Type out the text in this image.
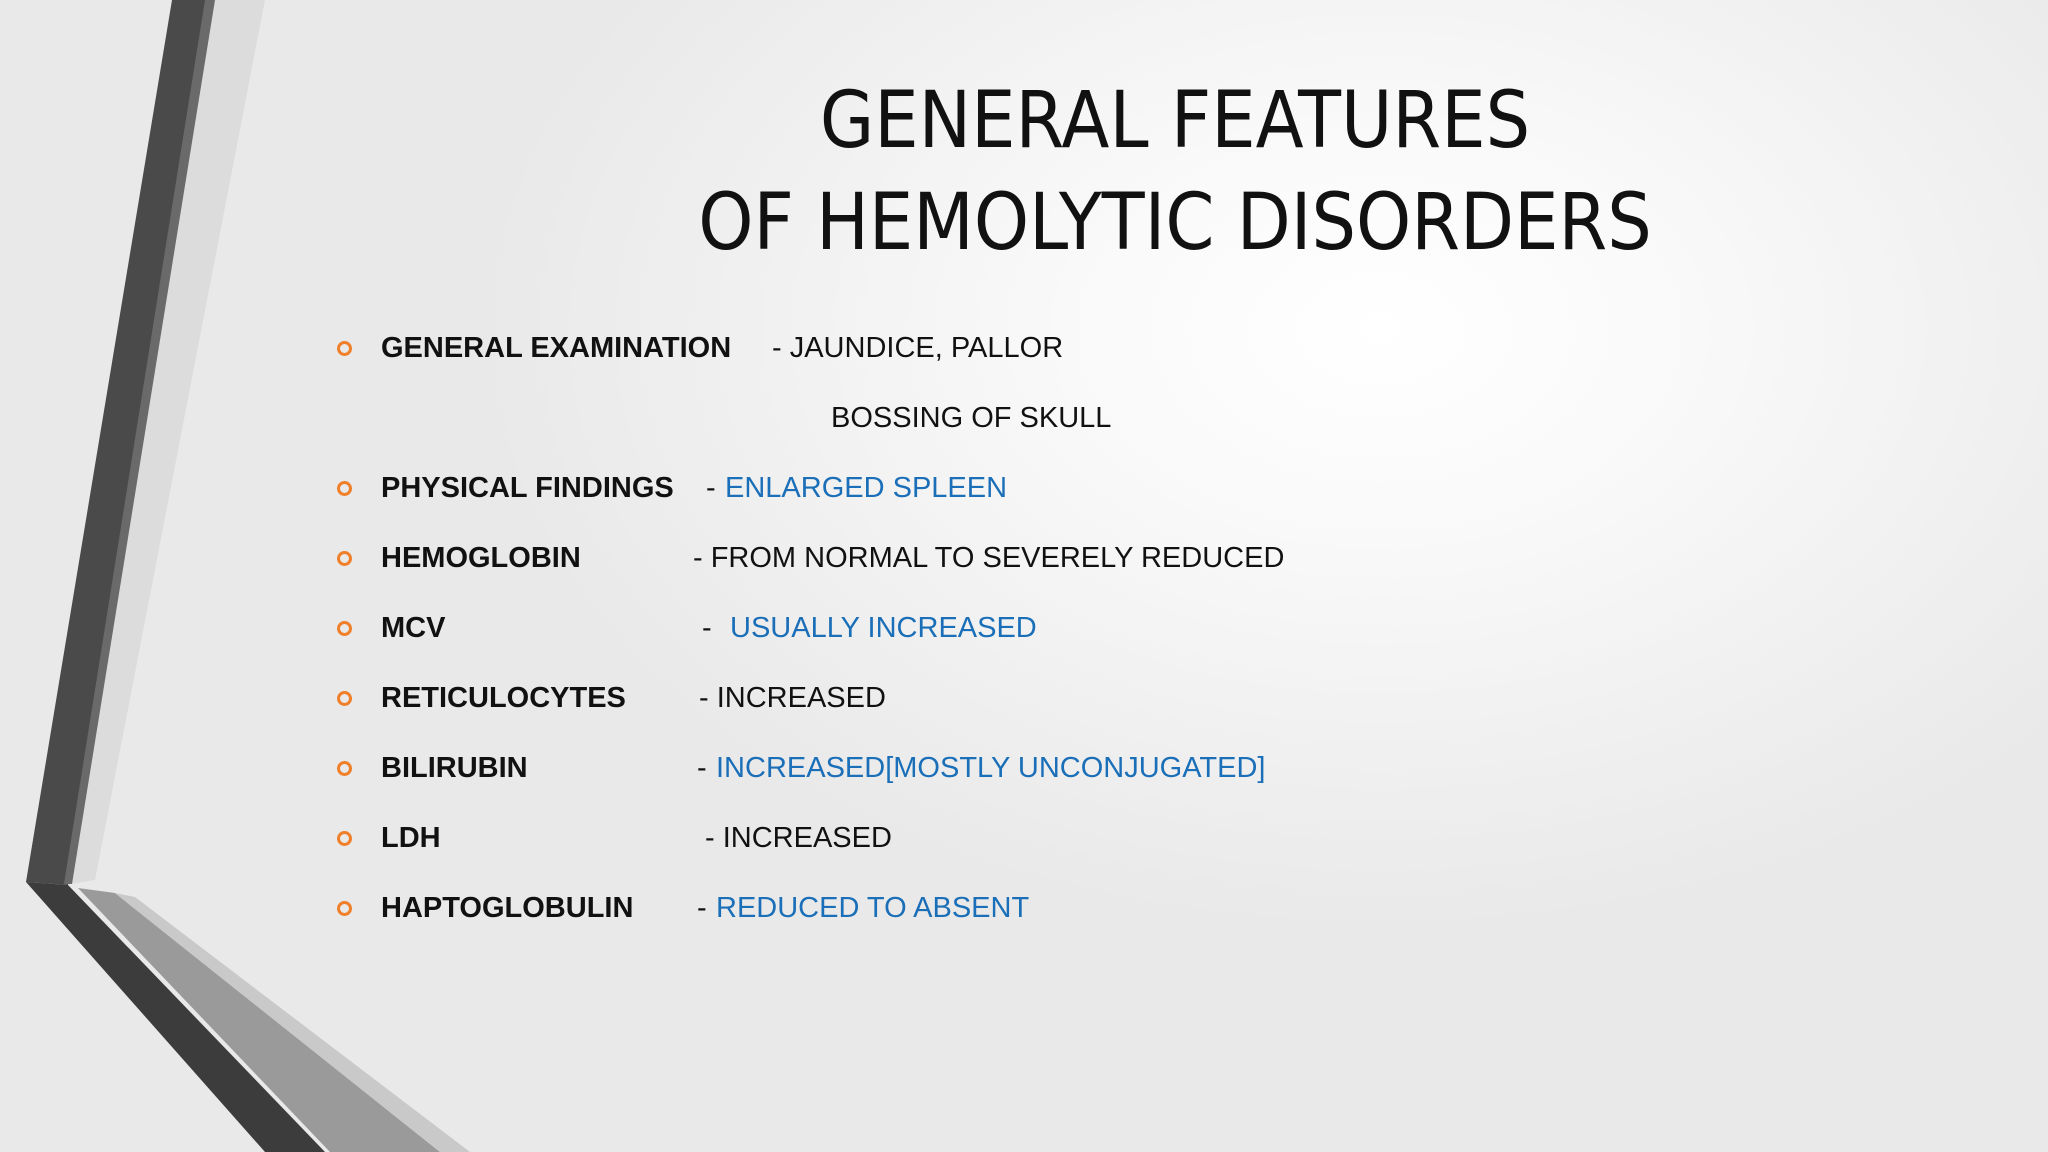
GENERAL FEATURES
OF HEMOLYTIC DISORDERS
GENERAL EXAMINATION - JAUNDICE, PALLOR
BOSSING OF SKULL
PHYSICAL FINDINGS - ENLARGED SPLEEN
HEMOGLOBIN	- FROM NORMAL TO SEVERELY REDUCED
MCV	- USUALLY INCREASED
RETICULOCYTES	- INCREASED
BILIRUBIN	- INCREASED[MOSTLY UNCONJUGATED]
LDH	- INCREASED
HAPTOGLOBULIN - REDUCED TO ABSENT
